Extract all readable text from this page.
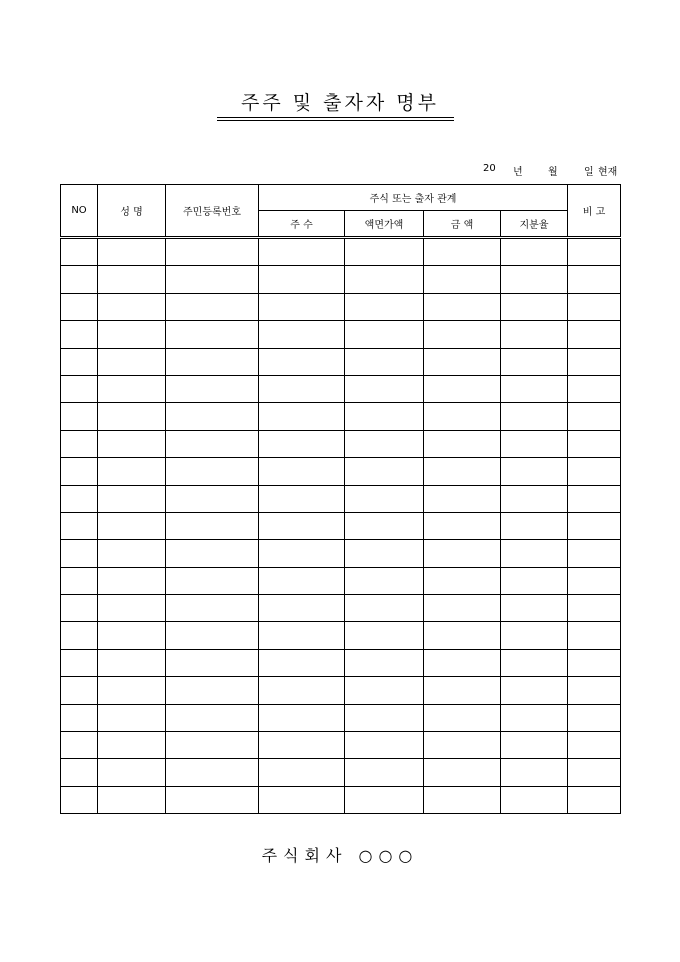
주주 및 출자자 명부
20 년	월	일 현재
NO	성 명	주민등록번호	주식 또는 출자 관계				비 고
			주 수	액면가액	금 액	지분율	

주식회사 ○○○
